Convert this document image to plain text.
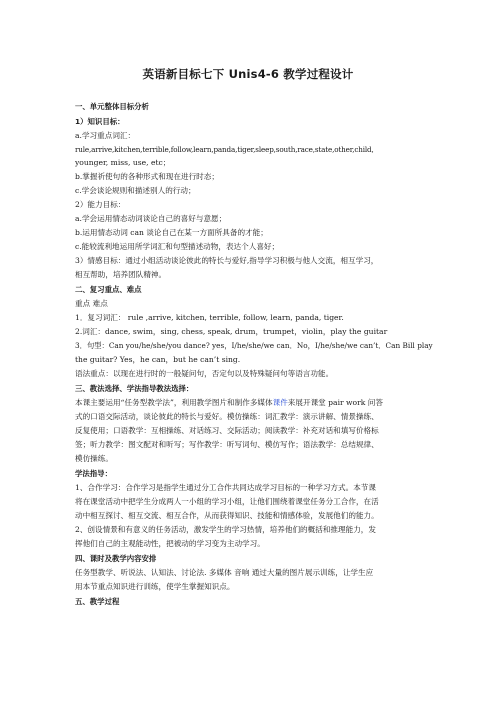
英语新目标七下 Unis4-6 教学过程设计
一、单元整体目标分析
1）知识目标：
a.学习重点词汇：
rule,arrive,kitchen,terrible,follow,learn,panda,tiger,sleep,south,race,state,other,child,
younger, miss, use, etc；
b.掌握祈使句的各种形式和现在进行时态；
c.学会谈论规则和描述别人的行动；
2）能力目标：
a.学会运用情态动词谈论自己的喜好与意愿；
b.运用情态动词 can 谈论自己在某一方面所具备的才能；
c.能较流利地运用所学词汇和句型描述动物，表达个人喜好；
3）情感目标：通过小组活动谈论彼此的特长与爱好,指导学习积极与他人交流，相互学习，
相互帮助，培养团队精神。
二、复习重点、难点
重点 难点
1．复习词汇： rule ,arrive, kitchen, terrible, follow, learn, panda, tiger.
2.词汇：dance, swim，sing, chess, speak, drum，trumpet，violin，play the guitar
3．句型：Can you/he/she/you dance? yes，I/he/she/we can．No，I/he/she/we can’t．Can Bill play
the guitar? Yes，he can，but he can’t sing.
语法重点：以现在进行时的一般疑问句，否定句以及特殊疑问句等语言功能。
三、教法选择、学法指导教法选择：
本课主要运用“任务型教学法”，利用教学图片和制作多媒体课件来展开课堂 pair work 问答
式的口语交际活动，谈论彼此的特长与爱好。模仿操练：词汇教学：演示讲解、情景操练、
反复使用；口语教学：互相操练、对话练习、交际活动；阅读教学：补充对话和填写价格标
签；听力教学：图文配对和听写；写作教学：听写词句、模仿写作；语法教学：总结规律、
模仿操练。
学法指导：
1、合作学习：合作学习是指学生通过分工合作共同达成学习目标的一种学习方式。本节课
将在课堂活动中把学生分成两人一小组的学习小组，让他们围绕着课堂任务分工合作，在活
动中相互探讨、相互交流、相互合作，从而获得知识、技能和情感体验，发展他们的能力。
2、创设情景和有意义的任务活动，激发学生的学习热情，培养他们的概括和推理能力，发
挥他们自己的主观能动性，把被动的学习变为主动学习。
四、课时及教学内容安排
任务型教学、听说法、认知法、讨论法. 多媒体 音响 通过大量的图片展示训练，让学生应
用本节重点知识进行训练，使学生掌握知识点。
五、教学过程
